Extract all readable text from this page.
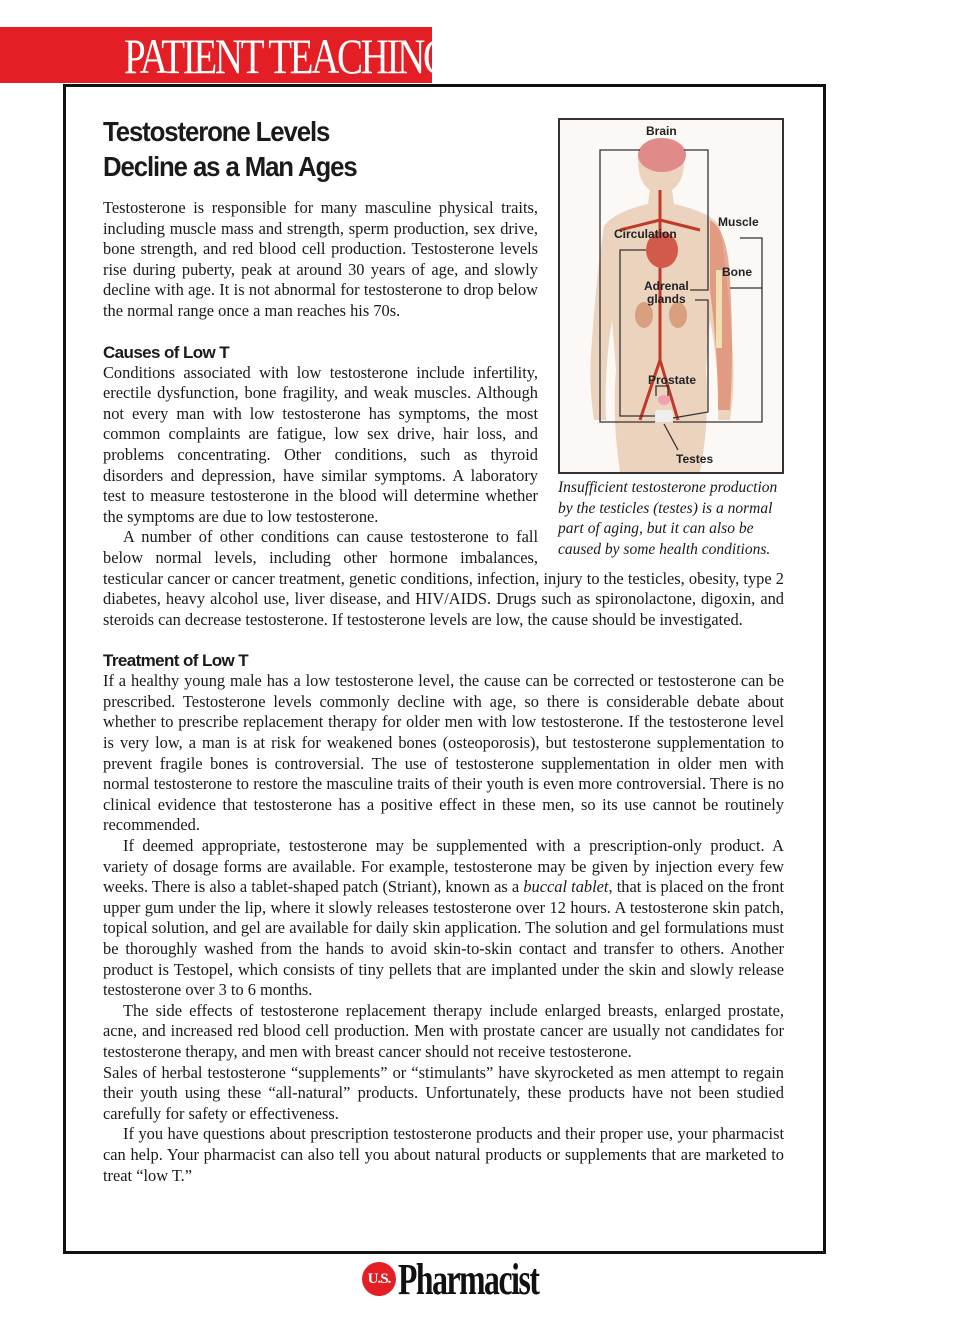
PATIENT TEACHING AID
Brain
Muscle
Circulation
Bone
Adrenal
glands
Prostate
Testes
Insufficient testosterone production by the testicles (testes) is a normal part of aging, but it can also be caused by some health conditions.
Testosterone Levels
Decline as a Man Ages

Testosterone is responsible for many masculine physical traits, including muscle mass and strength, sperm production, sex drive, bone strength, and red blood cell production. Testosterone levels rise during puberty, peak at around 30 years of age, and slowly decline with age. It is not abnormal for testosterone to drop below the normal range once a man reaches his 70s.

Causes of Low T

Conditions associated with low testosterone include infertility, erectile dysfunction, bone fragility, and weak muscles. Although not every man with low testosterone has symptoms, the most common complaints are fatigue, low sex drive, hair loss, and problems concentrating. Other conditions, such as thyroid disorders and depression, have similar symptoms. A laboratory test to measure testosterone in the blood will determine whether the symptoms are due to low testosterone.

A number of other conditions can cause testosterone to fall below normal levels, including other hormone imbalances, testicular cancer or cancer treatment, genetic conditions, infection, injury to the testicles, obesity, type 2 diabetes, heavy alcohol use, liver disease, and HIV/AIDS. Drugs such as spironolactone, digoxin, and steroids can decrease testosterone. If testosterone levels are low, the cause should be investigated.

Treatment of Low T

If a healthy young male has a low testosterone level, the cause can be corrected or testosterone can be prescribed. Testosterone levels commonly decline with age, so there is considerable debate about whether to prescribe replacement therapy for older men with low testosterone. If the testosterone level is very low, a man is at risk for weakened bones (osteoporosis), but testosterone supplementation to prevent fragile bones is controversial. The use of testosterone supplementation in older men with normal testosterone to restore the masculine traits of their youth is even more controversial. There is no clinical evidence that testosterone has a positive effect in these men, so its use cannot be routinely recommended.

If deemed appropriate, testosterone may be supplemented with a prescription-only product. A variety of dosage forms are available. For example, testosterone may be given by injection every few weeks. There is also a tablet-shaped patch (Striant), known as a buccal tablet, that is placed on the front upper gum under the lip, where it slowly releases testosterone over 12 hours. A testosterone skin patch, topical solution, and gel are available for daily skin application. The solution and gel formulations must be thoroughly washed from the hands to avoid skin-to-skin contact and transfer to others. Another product is Testopel, which consists of tiny pellets that are implanted under the skin and slowly release testosterone over 3 to 6 months.

The side effects of testosterone replacement therapy include enlarged breasts, enlarged prostate, acne, and increased red blood cell production. Men with prostate cancer are usually not candidates for testosterone therapy, and men with breast cancer should not receive testosterone.

Sales of herbal testosterone “supplements” or “stimulants” have skyrocketed as men attempt to regain their youth using these “all-natural” products. Unfortunately, these products have not been studied carefully for safety or effectiveness.

If you have questions about prescription testosterone products and their proper use, your pharmacist can help. Your pharmacist can also tell you about natural products or supplements that are marketed to treat “low T.”

U.S. Pharmacist
